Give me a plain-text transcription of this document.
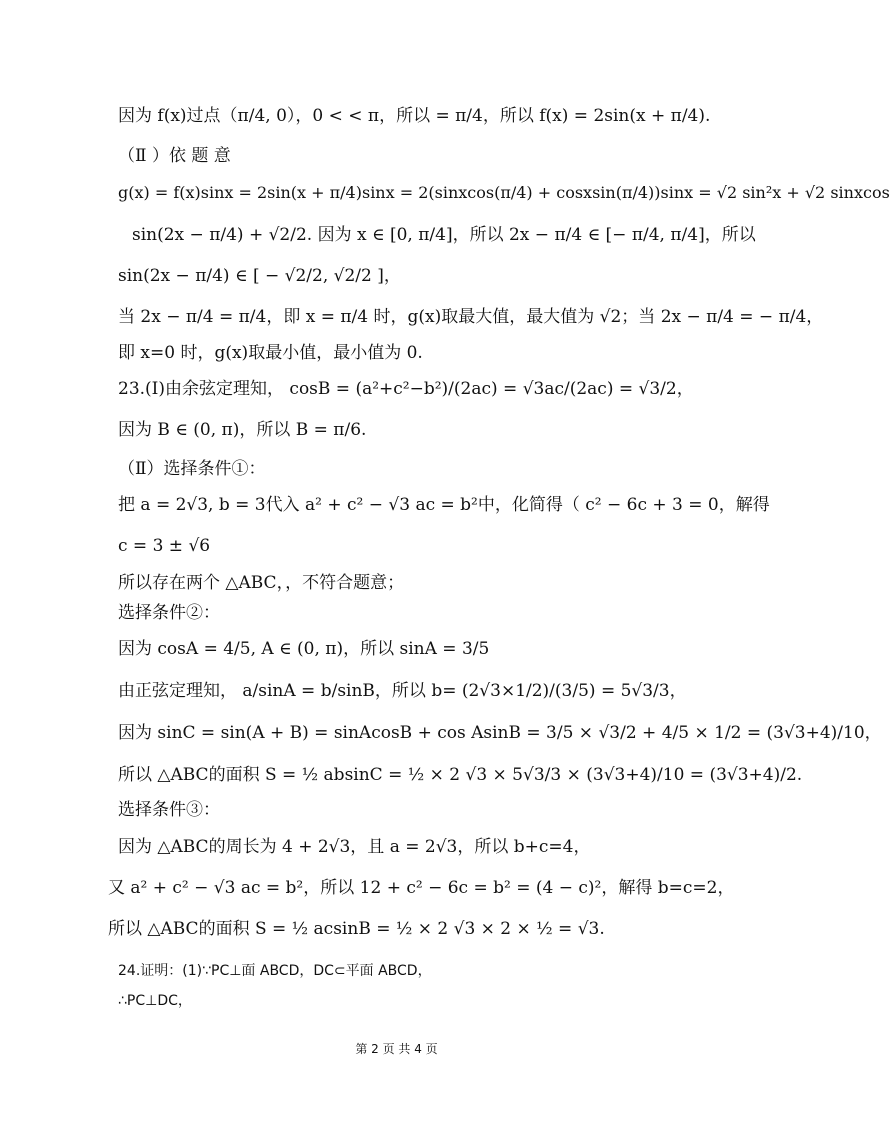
因为 f(x)过点（π/4, 0），0 < < π，所以 = π/4，所以 f(x) = 2sin(x + π/4).
（Ⅱ ）依 题 意
g(x) = f(x)sinx = 2sin(x + π/4)sinx = 2(sinxcos(π/4) + cosxsin(π/4))sinx = √2 sin²x + √2 sinxcos
sin(2x − π/4) + √2/2. 因为 x ∈ [0, π/4]，所以 2x − π/4 ∈ [− π/4, π/4]，所以
sin(2x − π/4) ∈ [ − √2/2, √2/2 ]，
当 2x − π/4 = π/4，即 x = π/4 时，g(x)取最大值，最大值为 √2；当 2x − π/4 = − π/4，
即 x=0 时，g(x)取最小值，最小值为 0.
23.(Ⅰ)由余弦定理知， cosB = (a²+c²−b²)/(2ac) = √3ac/(2ac) = √3/2，
因为 B ∈ (0, π)，所以 B = π/6.
（Ⅱ）选择条件①：
把 a = 2√3, b = 3代入 a² + c² − √3 ac = b²中，化简得（ c² − 6c + 3 = 0，解得
c = 3 ± √6
所以存在两个 △ABC，，不符合题意；
选择条件②：
因为 cosA = 4/5, A ∈ (0, π)，所以 sinA = 3/5
由正弦定理知， a/sinA = b/sinB，所以 b= (2√3×1/2)/(3/5) = 5√3/3，
因为 sinC = sin(A + B) = sinAcosB + cos AsinB = 3/5 × √3/2 + 4/5 × 1/2 = (3√3+4)/10，
所以 △ABC的面积 S = ½ absinC = ½ × 2 √3 × 5√3/3 × (3√3+4)/10 = (3√3+4)/2.
选择条件③：
因为 △ABC的周长为 4 + 2√3，且 a = 2√3，所以 b+c=4，
又 a² + c² − √3 ac = b²，所以 12 + c² − 6c = b² = (4 − c)²，解得 b=c=2，
所以 △ABC的面积 S = ½ acsinB = ½ × 2 √3 × 2 × ½ = √3.
24.证明：(1)∵PC⊥面 ABCD，DC⊂平面 ABCD，
∴PC⊥DC，
第 2 页 共 4 页
